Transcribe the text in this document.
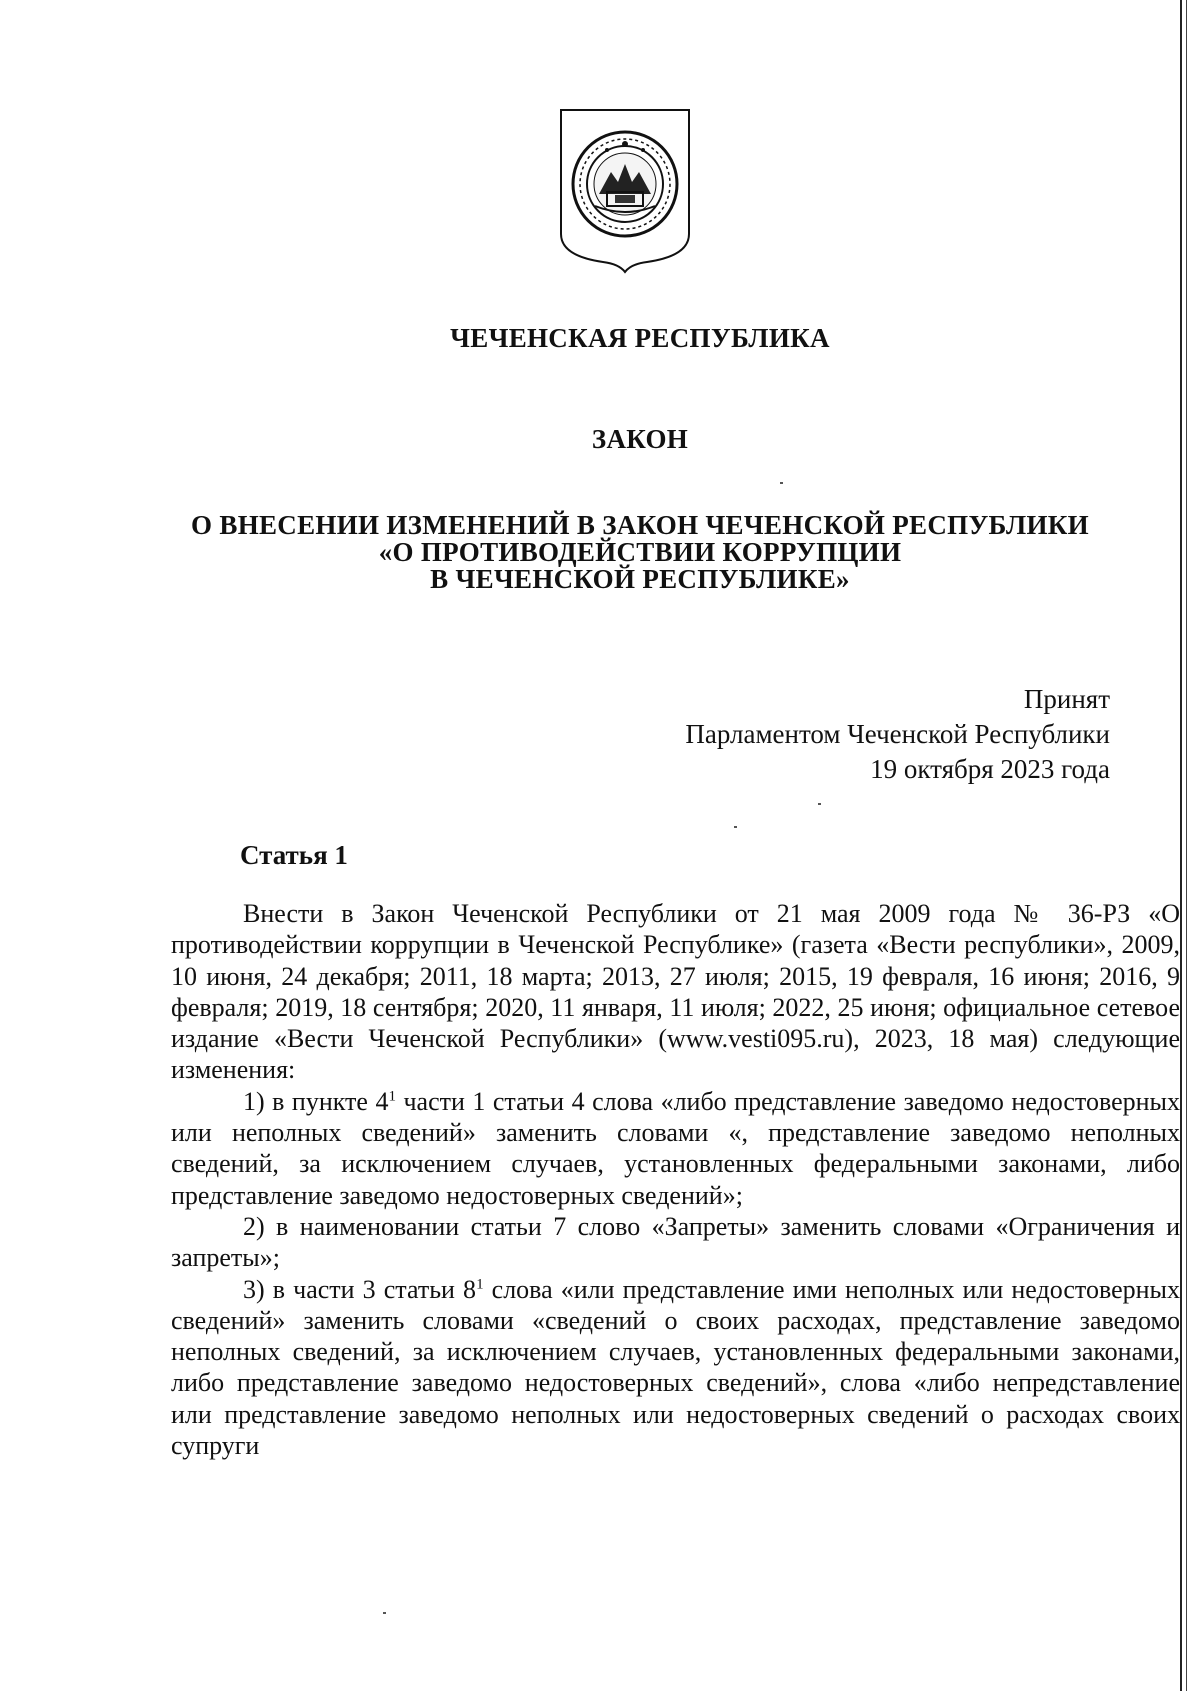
ЧЕЧЕНСКАЯ РЕСПУБЛИКА
ЗАКОН
О ВНЕСЕНИИ ИЗМЕНЕНИЙ В ЗАКОН ЧЕЧЕНСКОЙ РЕСПУБЛИКИ
«О ПРОТИВОДЕЙСТВИИ КОРРУПЦИИ
В ЧЕЧЕНСКОЙ РЕСПУБЛИКЕ»
Принят
Парламентом Чеченской Республики
19 октября 2023 года
Статья 1

Внести в Закон Чеченской Республики от 21 мая 2009 года № 36-РЗ «О противодействии коррупции в Чеченской Республике» (газета «Вести республики», 2009, 10 июня, 24 декабря; 2011, 18 марта; 2013, 27 июля; 2015, 19 февраля, 16 июня; 2016, 9 февраля; 2019, 18 сентября; 2020, 11 января, 11 июля; 2022, 25 июня; официальное сетевое издание «Вести Чеченской Республики» (www.vesti095.ru), 2023, 18 мая) следующие изменения:

1) в пункте $4^1$ части 1 статьи 4 слова «либо представление заведомо недостоверных или неполных сведений» заменить словами «, представление заведомо неполных сведений, за исключением случаев, установленных федеральными законами, либо представление заведомо недостоверных сведений»;

2) в наименовании статьи 7 слово «Запреты» заменить словами «Ограничения и запреты»;

3) в части 3 статьи $8^1$ слова «или представление ими неполных или недостоверных сведений» заменить словами «сведений о своих расходах, представление заведомо неполных сведений, за исключением случаев, установленных федеральными законами, либо представление заведомо недостоверных сведений», слова «либо непредставление или представление заведомо неполных или недостоверных сведений о расходах своих супруги
